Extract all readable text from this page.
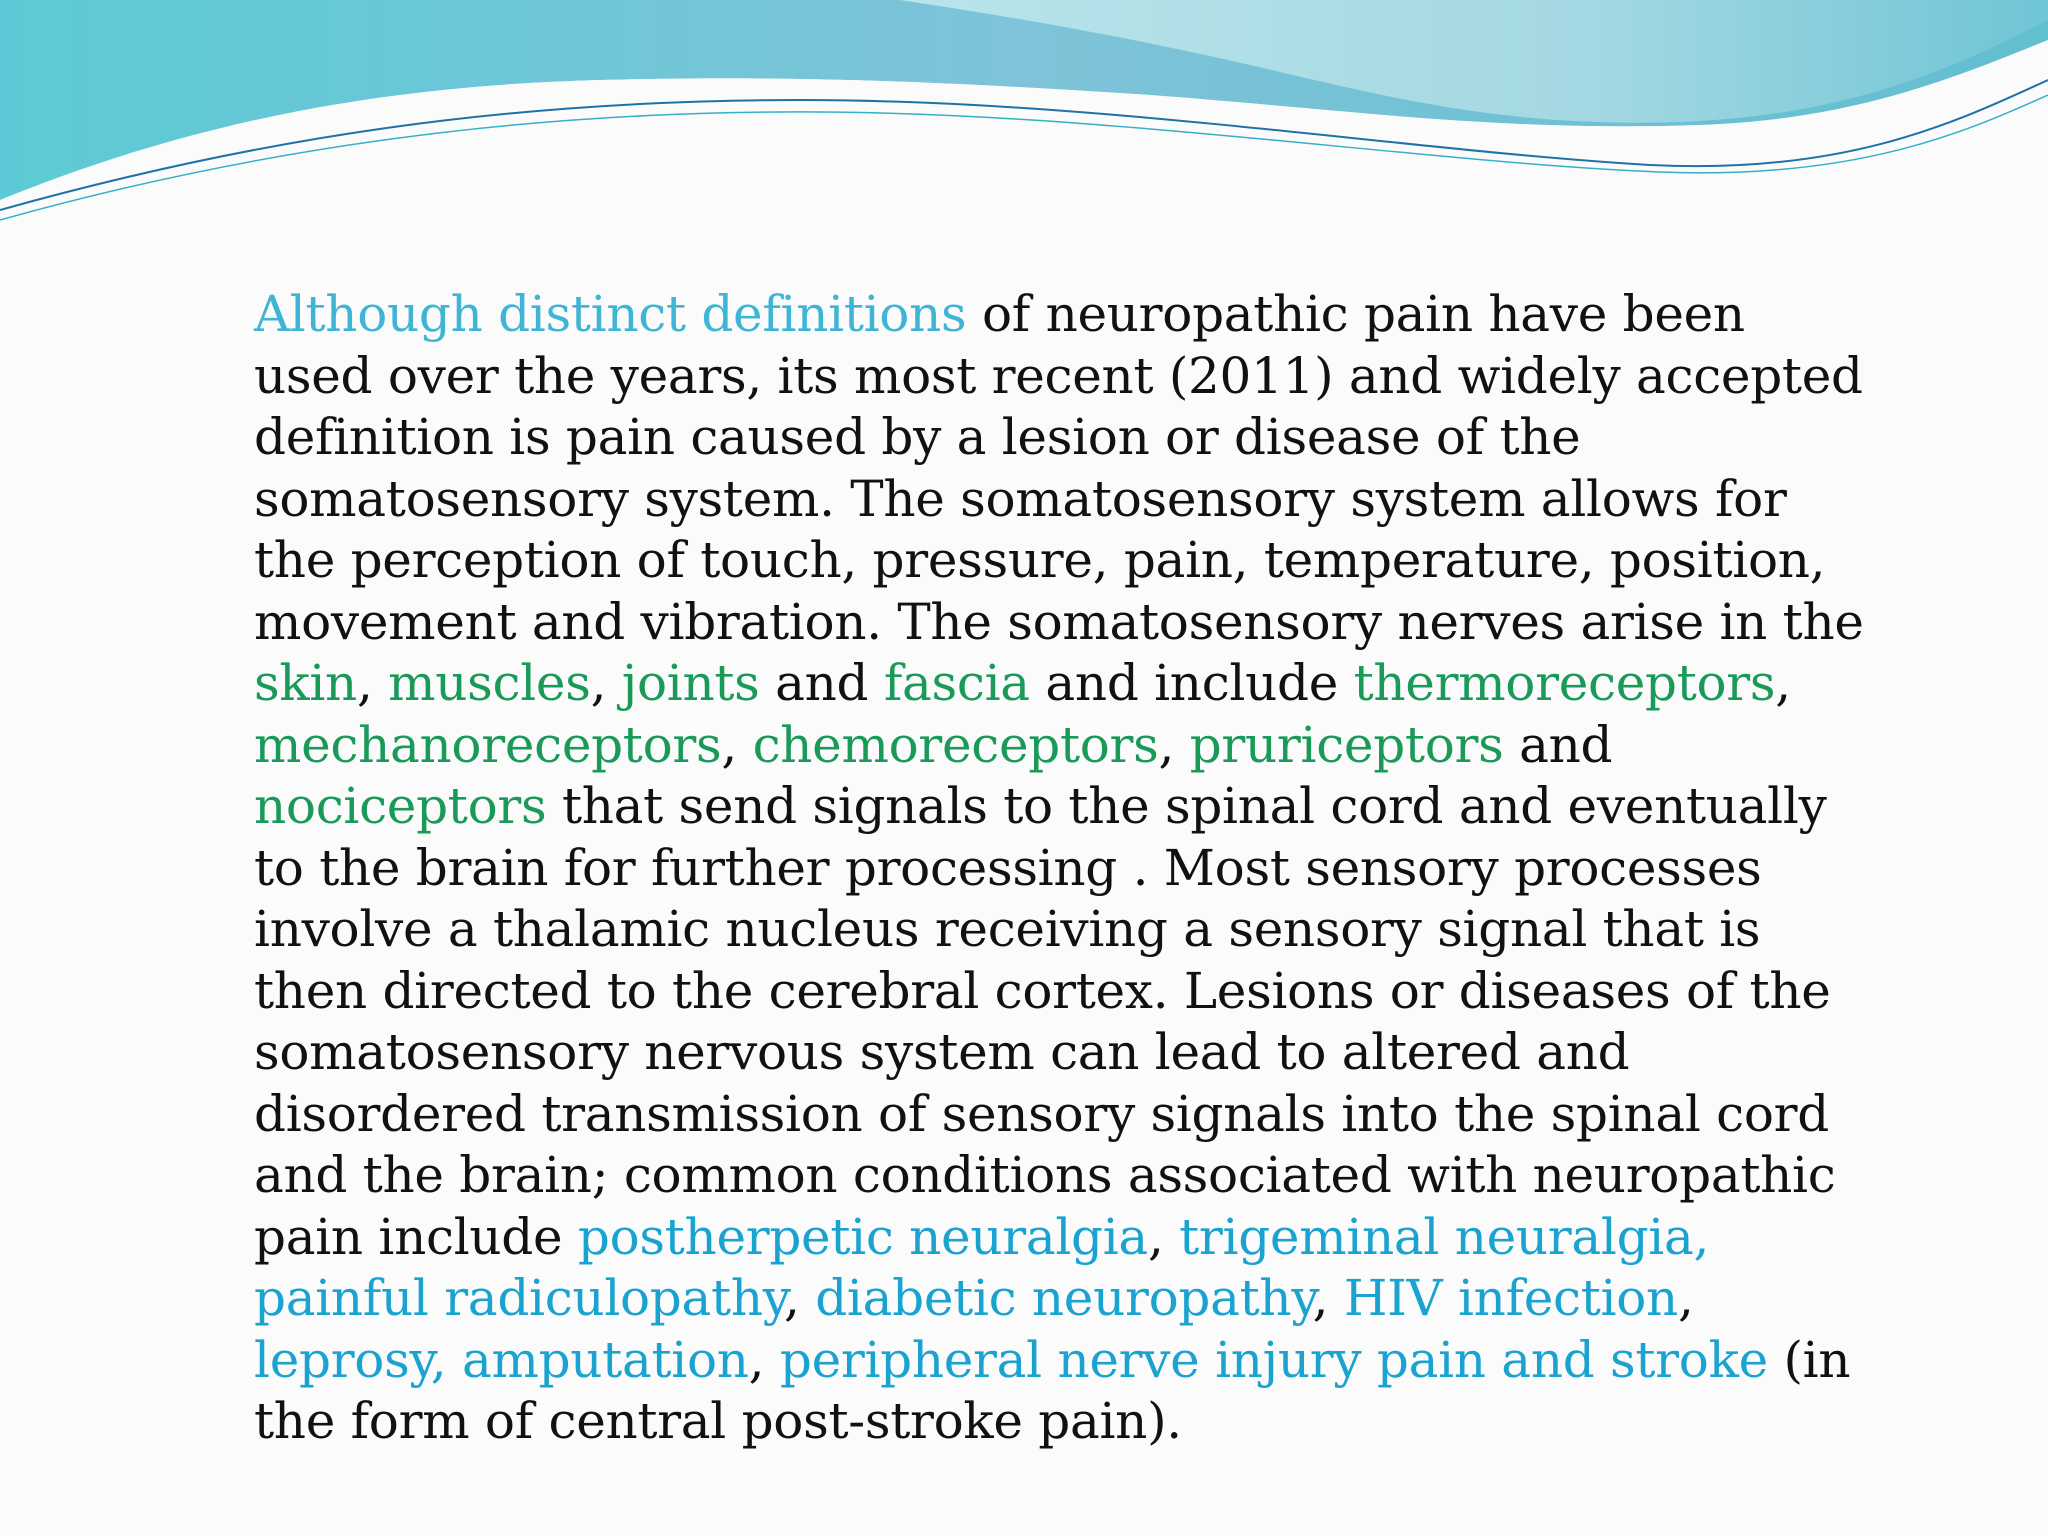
Although distinct definitions of neuropathic pain have been
used over the years, its most recent (2011) and widely accepted
definition is pain caused by a lesion or disease of the
somatosensory system. The somatosensory system allows for
the perception of touch, pressure, pain, temperature, position,
movement and vibration. The somatosensory nerves arise in the
skin, muscles, joints and fascia and include thermoreceptors,
mechanoreceptors, chemoreceptors, pruriceptors and
nociceptors that send signals to the spinal cord and eventually
to the brain for further processing . Most sensory processes
involve a thalamic nucleus receiving a sensory signal that is
then directed to the cerebral cortex. Lesions or diseases of the
somatosensory nervous system can lead to altered and
disordered transmission of sensory signals into the spinal cord
and the brain; common conditions associated with neuropathic
pain include postherpetic neuralgia, trigeminal neuralgia,
painful radiculopathy, diabetic neuropathy, HIV infection,
leprosy, amputation, peripheral nerve injury pain and stroke (in
the form of central post-stroke pain).
